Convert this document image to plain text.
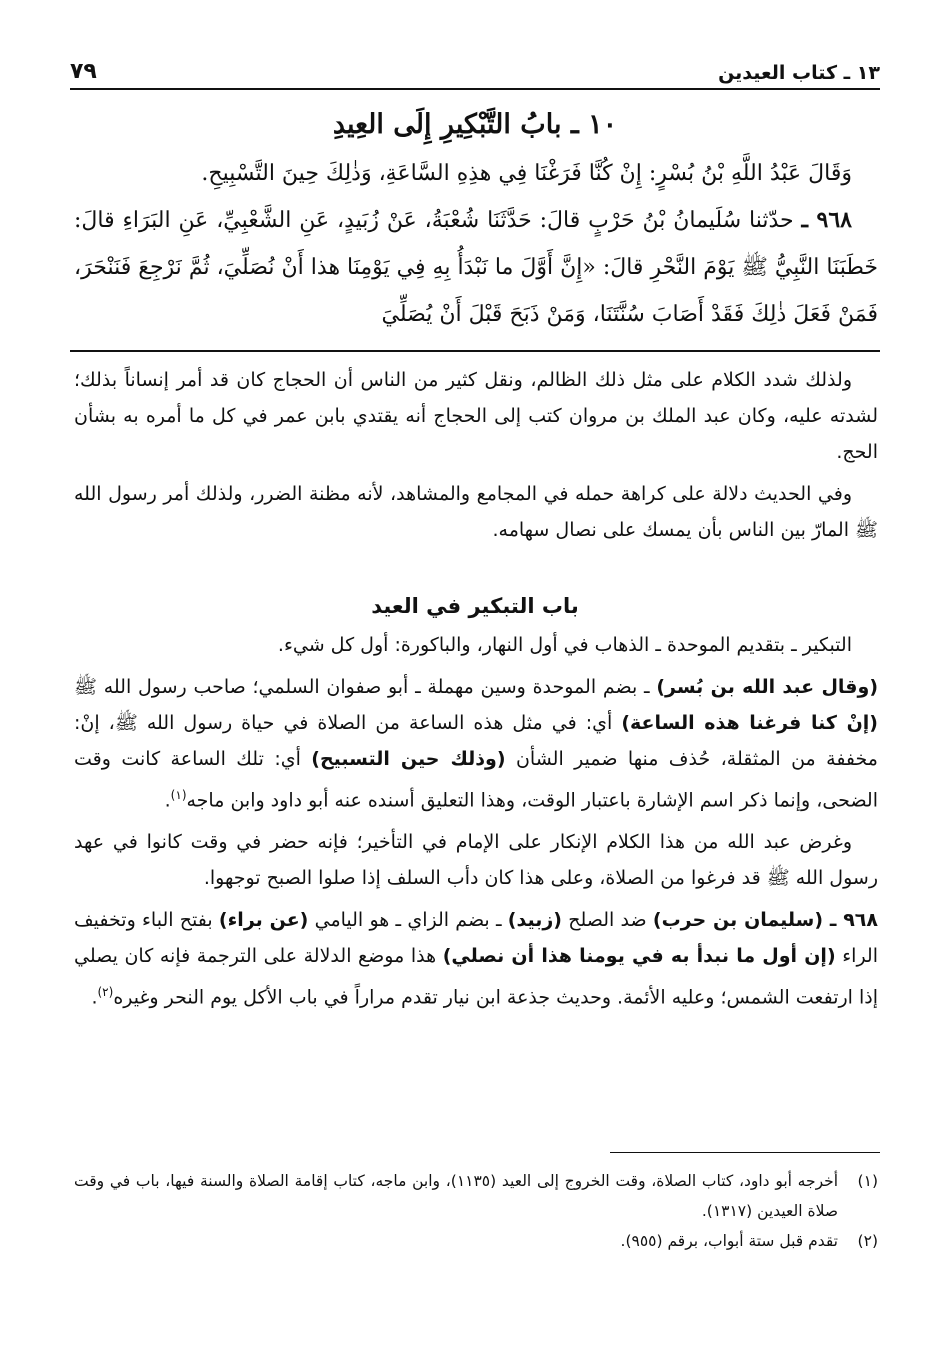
٧٩	١٣ ـ كتاب العيدين
١٠ ـ بابُ التَّبْكِيرِ إِلَى العِيدِ

وَقَالَ عَبْدُ اللَّهِ بْنُ بُسْرٍ: إِنْ كُنَّا فَرَغْنَا فِي هذِهِ السَّاعَةِ، وَذٰلِكَ حِينَ التَّسْبِيحِ.

٩٦٨ ـ حدّثنا سُلَيمانُ بْنُ حَرْبٍ قالَ: حَدَّثَنَا شُعْبَةُ، عَنْ زُبَيدٍ، عَنِ الشَّعْبِيِّ، عَنِ البَرَاءِ قالَ: خَطَبَنَا النَّبِيُّ ﷺ يَوْمَ النَّحْرِ قالَ: «إِنَّ أَوَّلَ ما نَبْدَأُ بِهِ فِي يَوْمِنَا هذا أَنْ نُصَلِّيَ، ثُمَّ نَرْجِعَ فَنَنْحَرَ، فَمَنْ فَعَلَ ذٰلِكَ فَقَدْ أَصَابَ سُنَّتَنَا، وَمَنْ ذَبَحَ قَبْلَ أَنْ يُصَلِّيَ

ولذلك شدد الكلام على مثل ذلك الظالم، ونقل كثير من الناس أن الحجاج كان قد أمر إنساناً بذلك؛ لشدته عليه، وكان عبد الملك بن مروان كتب إلى الحجاج أنه يقتدي بابن عمر في كل ما أمره به بشأن الحج.

وفي الحديث دلالة على كراهة حمله في المجامع والمشاهد، لأنه مظنة الضرر، ولذلك أمر رسول الله ﷺ المارّ بين الناس بأن يمسك على نصال سهامه.

باب التبكير في العيد

التبكير ـ بتقديم الموحدة ـ الذهاب في أول النهار، والباكورة: أول كل شيء.

(وقال عبد الله بن بُسر) ـ بضم الموحدة وسين مهملة ـ أبو صفوان السلمي؛ صاحب رسول الله ﷺ (إنْ كنا فرغنا هذه الساعة) أي: في مثل هذه الساعة من الصلاة في حياة رسول الله ﷺ، إنْ: مخففة من المثقلة، حُذف منها ضمير الشأن (وذلك حين التسبيح) أي: تلك الساعة كانت وقت الضحى، وإنما ذكر اسم الإشارة باعتبار الوقت، وهذا التعليق أسنده عنه أبو داود وابن ماجه$^{(١)}$.

وغرض عبد الله من هذا الكلام الإنكار على الإمام في التأخير؛ فإنه حضر في وقت كانوا في عهد رسول الله ﷺ قد فرغوا من الصلاة، وعلى هذا كان دأب السلف إذا صلوا الصبح توجهوا.

٩٦٨ ـ (سليمان بن حرب) ضد الصلح (زبيد) ـ بضم الزاي ـ هو اليامي (عن براء) بفتح الباء وتخفيف الراء (إن أول ما نبدأ به في يومنا هذا أن نصلي) هذا موضع الدلالة على الترجمة فإنه كان يصلي إذا ارتفعت الشمس؛ وعليه الأئمة. وحديث جذعة ابن نيار تقدم مراراً في باب الأكل يوم النحر وغيره$^{(٢)}$.

(١)
أخرجه أبو داود، كتاب الصلاة، وقت الخروج إلى العيد (١١٣٥)، وابن ماجه، كتاب إقامة الصلاة والسنة فيها، باب في وقت صلاة العيدين (١٣١٧).
(٢)
تقدم قبل ستة أبواب، برقم (٩٥٥).
